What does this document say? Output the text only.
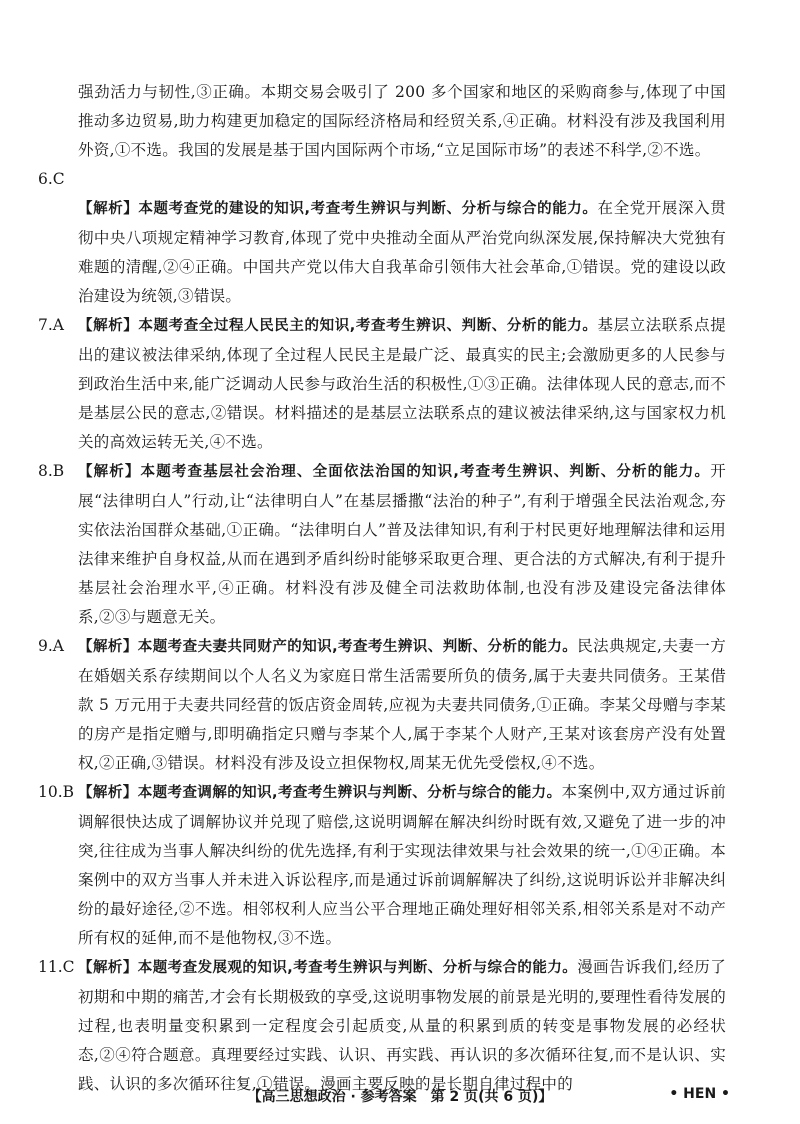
强劲活力与韧性,③正确。本期交易会吸引了 200 多个国家和地区的采购商参与,体现了中国推动多边贸易,助力构建更加稳定的国际经济格局和经贸关系,④正确。材料没有涉及我国利用外资,①不选。我国的发展是基于国内国际两个市场,“立足国际市场”的表述不科学,②不选。

6.C

【解析】本题考查党的建设的知识,考查考生辨识与判断、分析与综合的能力。在全党开展深入贯彻中央八项规定精神学习教育,体现了党中央推动全面从严治党向纵深发展,保持解决大党独有难题的清醒,②④正确。中国共产党以伟大自我革命引领伟大社会革命,①错误。党的建设以政治建设为统领,③错误。

7.A 【解析】本题考查全过程人民民主的知识,考查考生辨识、判断、分析的能力。基层立法联系点提出的建议被法律采纳,体现了全过程人民民主是最广泛、最真实的民主;会激励更多的人民参与到政治生活中来,能广泛调动人民参与政治生活的积极性,①③正确。法律体现人民的意志,而不是基层公民的意志,②错误。材料描述的是基层立法联系点的建议被法律采纳,这与国家权力机关的高效运转无关,④不选。

8.B 【解析】本题考查基层社会治理、全面依法治国的知识,考查考生辨识、判断、分析的能力。开展“法律明白人”行动,让“法律明白人”在基层播撒“法治的种子”,有利于增强全民法治观念,夯实依法治国群众基础,①正确。“法律明白人”普及法律知识,有利于村民更好地理解法律和运用法律来维护自身权益,从而在遇到矛盾纠纷时能够采取更合理、更合法的方式解决,有利于提升基层社会治理水平,④正确。材料没有涉及健全司法救助体制,也没有涉及建设完备法律体系,②③与题意无关。

9.A 【解析】本题考查夫妻共同财产的知识,考查考生辨识、判断、分析的能力。民法典规定,夫妻一方在婚姻关系存续期间以个人名义为家庭日常生活需要所负的债务,属于夫妻共同债务。王某借款 5 万元用于夫妻共同经营的饭店资金周转,应视为夫妻共同债务,①正确。李某父母赠与李某的房产是指定赠与,即明确指定只赠与李某个人,属于李某个人财产,王某对该套房产没有处置权,②正确,③错误。材料没有涉及设立担保物权,周某无优先受偿权,④不选。

10.B 【解析】本题考查调解的知识,考查考生辨识与判断、分析与综合的能力。本案例中,双方通过诉前调解很快达成了调解协议并兑现了赔偿,这说明调解在解决纠纷时既有效,又避免了进一步的冲突,往往成为当事人解决纠纷的优先选择,有利于实现法律效果与社会效果的统一,①④正确。本案例中的双方当事人并未进入诉讼程序,而是通过诉前调解解决了纠纷,这说明诉讼并非解决纠纷的最好途径,②不选。相邻权利人应当公平合理地正确处理好相邻关系,相邻关系是对不动产所有权的延伸,而不是他物权,③不选。

11.C 【解析】本题考查发展观的知识,考查考生辨识与判断、分析与综合的能力。漫画告诉我们,经历了初期和中期的痛苦,才会有长期极致的享受,这说明事物发展的前景是光明的,要理性看待发展的过程,也表明量变积累到一定程度会引起质变,从量的积累到质的转变是事物发展的必经状态,②④符合题意。真理要经过实践、认识、再实践、再认识的多次循环往复,而不是认识、实践、认识的多次循环往复,①错误。漫画主要反映的是长期自律过程中的

【高三思想政治 · 参考答案　第 2 页(共 6 页)】	• HEN •
